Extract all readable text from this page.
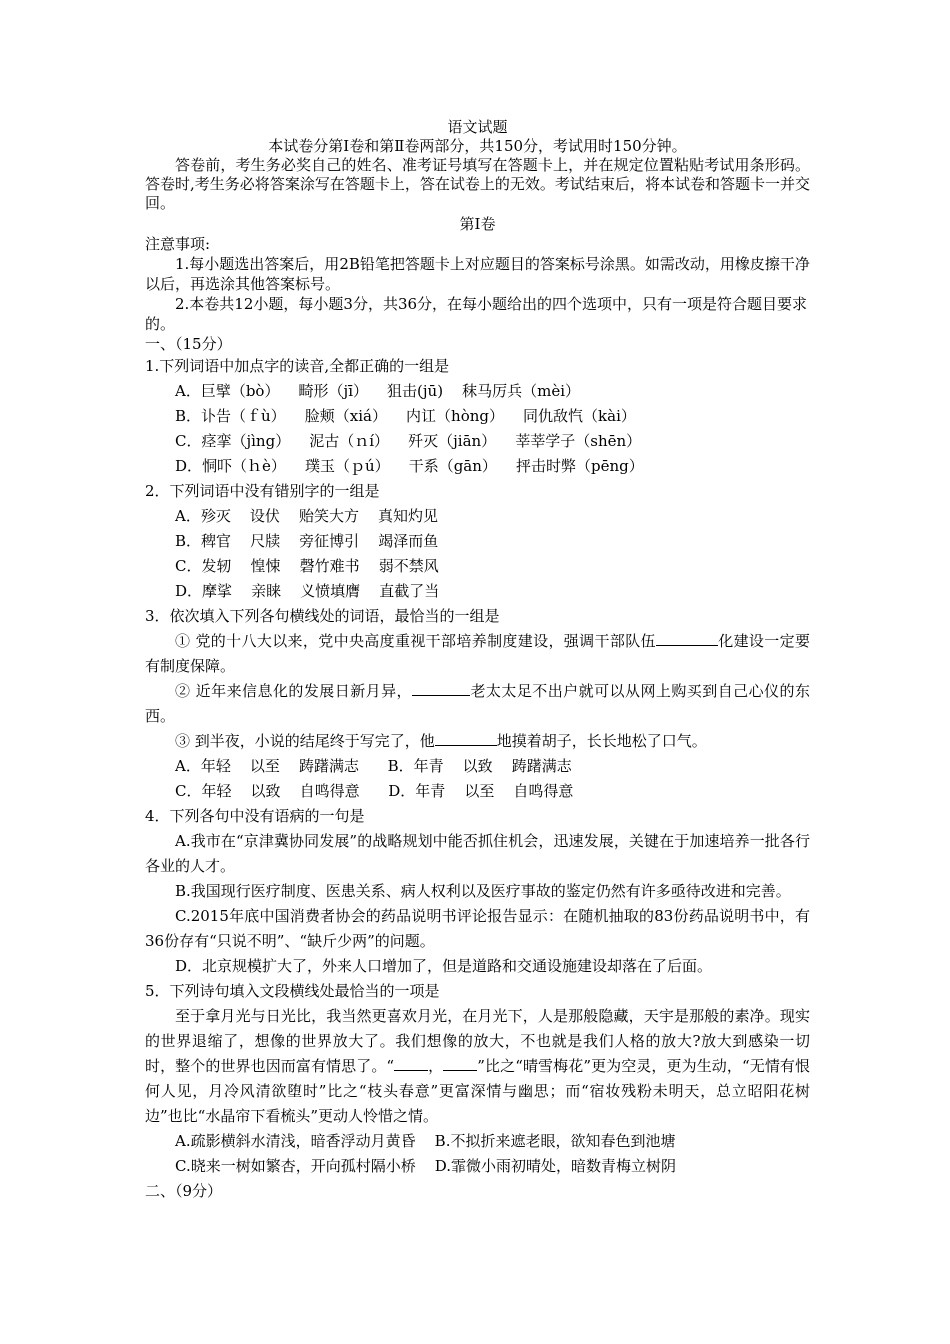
语文试题
本试卷分第Ⅰ卷和第Ⅱ卷两部分，共150分，考试用时150分钟。
答卷前，考生务必奖自己的姓名、准考证号填写在答题卡上，并在规定位置粘贴考试用条形码。答卷时,考生务必将答案涂写在答题卡上，答在试卷上的无效。考试结束后，将本试卷和答题卡一并交回。
第Ⅰ卷
注意事项:
1.每小题选出答案后，用2B铅笔把答题卡上对应题目的答案标号涂黑。如需改动，用橡皮擦干净以后，再选涂其他答案标号。
2.本卷共12小题，每小题3分，共36分，在每小题给出的四个选项中，只有一项是符合题目要求的。
一、（15分）
1.下列词语中加点字的读音,全都正确的一组是
A．巨擘（bò）    畸形（jī）    狙击(jū)    秣马厉兵（mèi）
B．讣告（ｆù）    脸颊（xiá）    内讧（hòng）    同仇敌忾（kài）
C．痉挛（jìng）    泥古（ｎí）    歼灭（jiān）    莘莘学子（shēn）
D．恫吓（ｈè）    璞玉（ｐú）    干系（gān）    抨击时弊（pēng）
2．下列词语中没有错别字的一组是
A．殄灭    设伏    贻笑大方    真知灼见
B．稗官    尺牍    旁征博引    竭泽而鱼
C．发轫    惶悚    磬竹难书    弱不禁风
D．摩挲    亲睐    义愤填膺    直截了当
3．依次填入下列各句横线处的词语，最恰当的一组是
① 党的十八大以来，党中央高度重视干部培养制度建设，强调干部队伍	化建设一定要有制度保障。
② 近年来信息化的发展日新月异，	老太太足不出户就可以从网上购买到自己心仪的东西。
③ 到半夜，小说的结尾终于写完了，他	地摸着胡子，长长地松了口气。
A．年轻    以至    踌躇满志      B．年青    以致    踌躇满志
C．年轻    以致    自鸣得意      D．年青    以至    自鸣得意
4．下列各句中没有语病的一句是
A.我市在“京津冀协同发展”的战略规划中能否抓住机会，迅速发展，关键在于加速培养一批各行各业的人才。
B.我国现行医疗制度、医患关系、病人权利以及医疗事故的鉴定仍然有许多亟待改进和完善。
C.2015年底中国消费者协会的药品说明书评论报告显示：在随机抽取的83份药品说明书中，有36份存有“只说不明”、“缺斤少两”的问题。
D．北京规模扩大了，外来人口增加了，但是道路和交通设施建设却落在了后面。
5．下列诗句填入文段横线处最恰当的一项是
至于拿月光与日光比，我当然更喜欢月光，在月光下，人是那般隐藏，天宇是那般的素净。现实的世界退缩了，想像的世界放大了。我们想像的放大，不也就是我们人格的放大?放大到感染一切时，整个的世界也因而富有情思了。“ ， ”比之“晴雪梅花”更为空灵，更为生动，“无情有恨何人见，月冷风清欲堕时”比之“枝头春意”更富深情与幽思；而“宿妆残粉未明天，总立昭阳花树边”也比“水晶帘下看梳头”更动人怜惜之情。
A.疏影横斜水清浅，暗香浮动月黄昏    B.不拟折来遮老眼，欲知春色到池塘
C.晓来一树如繁杏，开向孤村隔小桥    D.霏微小雨初晴处，暗数青梅立树阴
二、（9分）
